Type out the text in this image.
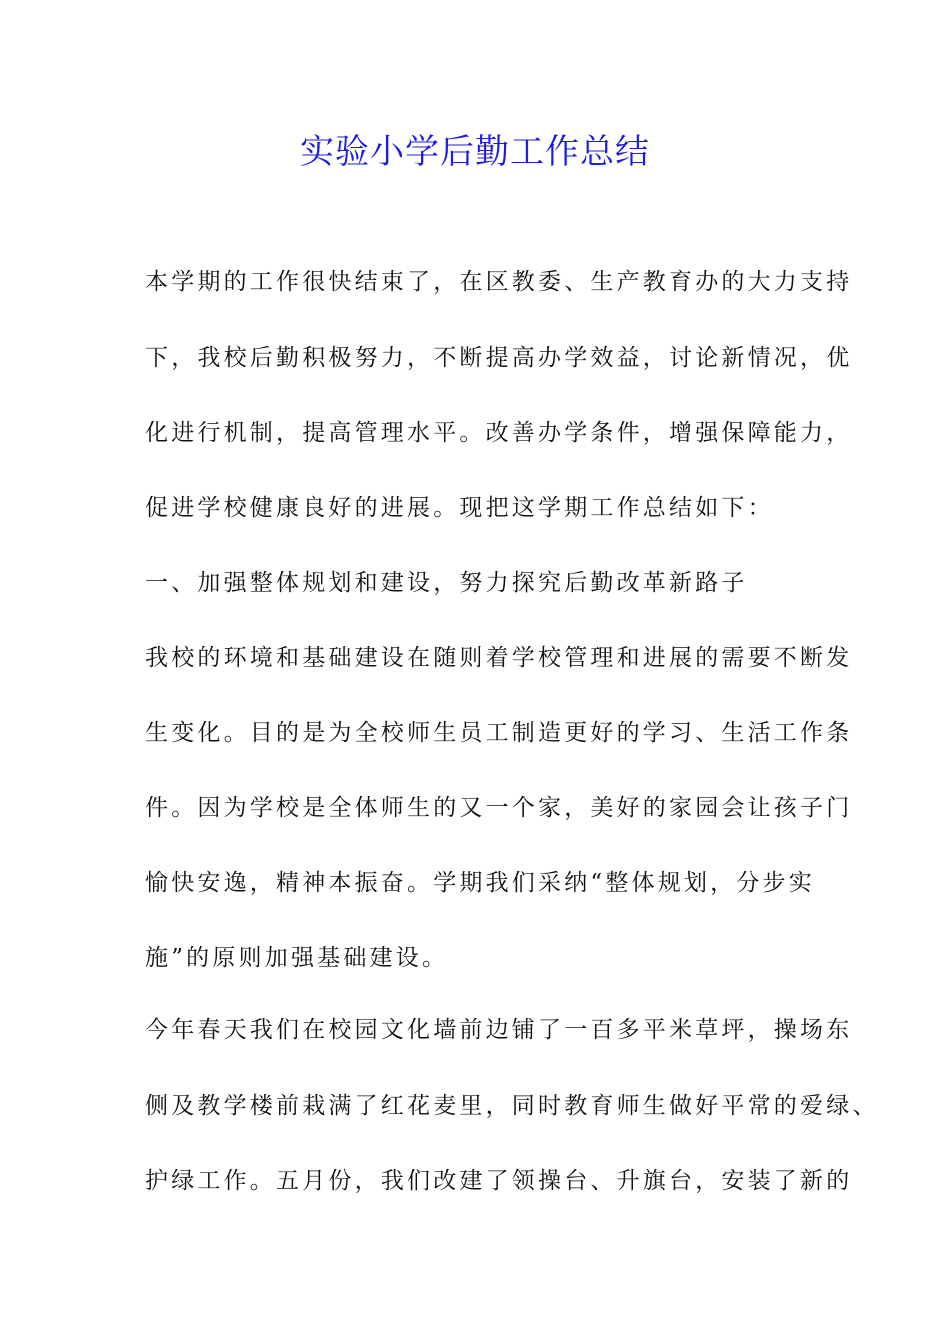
实验小学后勤工作总结
本学期的工作很快结束了，在区教委、生产教育办的大力支持
下，我校后勤积极努力，不断提高办学效益，讨论新情况，优
化进行机制，提高管理水平。改善办学条件，增强保障能力，
促进学校健康良好的进展。现把这学期工作总结如下：
一、加强整体规划和建设，努力探究后勤改革新路子
我校的环境和基础建设在随则着学校管理和进展的需要不断发
生变化。目的是为全校师生员工制造更好的学习、生活工作条
件。因为学校是全体师生的又一个家，美好的家园会让孩子门
愉快安逸，精神本振奋。学期我们采纳“整体规划，分步实
施”的原则加强基础建设。
今年春天我们在校园文化墙前边铺了一百多平米草坪，操场东
侧及教学楼前栽满了红花麦里，同时教育师生做好平常的爱绿、
护绿工作。五月份，我们改建了领操台、升旗台，安装了新的
